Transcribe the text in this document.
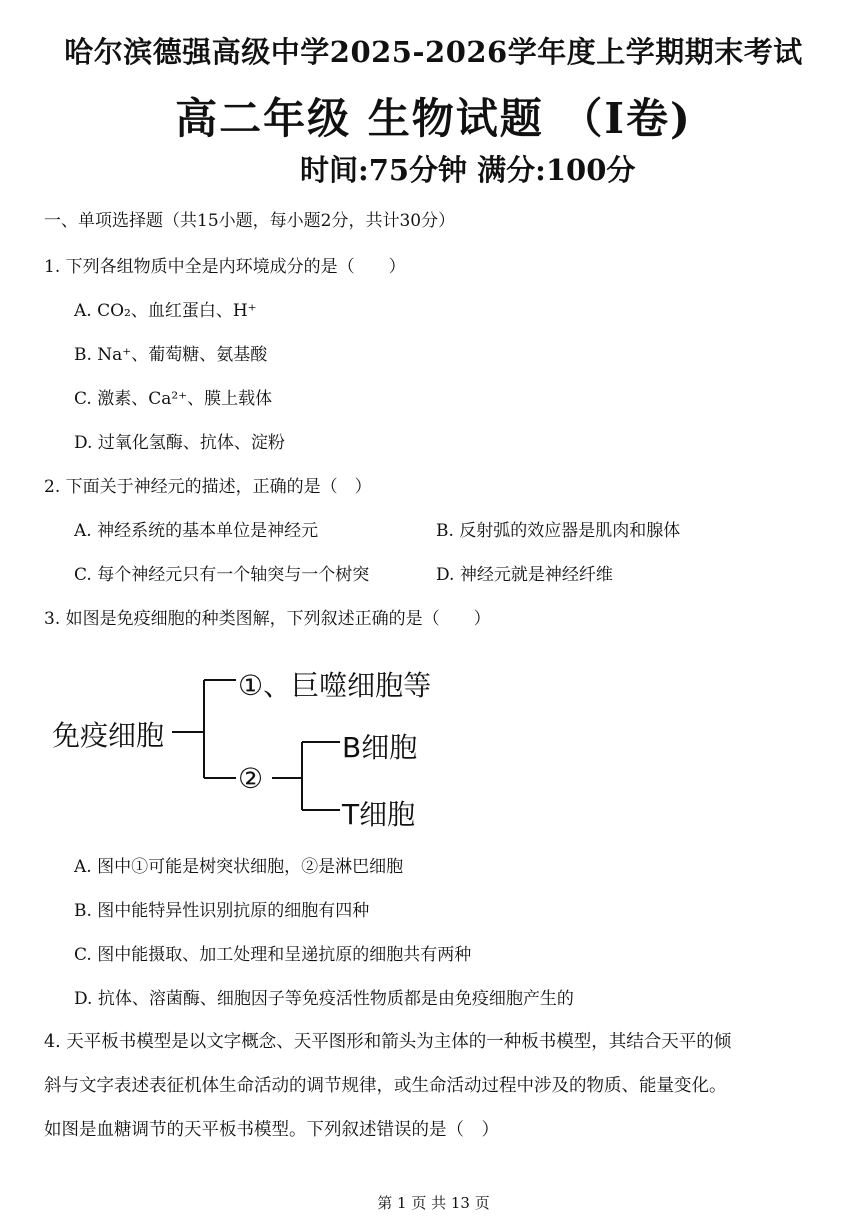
哈尔滨德强高级中学2025-2026学年度上学期期末考试
高二年级 生物试题 （Ⅰ卷)
时间:75分钟 满分:100分
一、单项选择题（共15小题，每小题2分，共计30分）
1. 下列各组物质中全是内环境成分的是（　　）
A. CO₂、血红蛋白、H⁺
B. Na⁺、葡萄糖、氨基酸
C. 激素、Ca²⁺、膜上载体
D. 过氧化氢酶、抗体、淀粉
2. 下面关于神经元的描述，正确的是（　）
A. 神经系统的基本单位是神经元	B. 反射弧的效应器是肌肉和腺体
C. 每个神经元只有一个轴突与一个树突	D. 神经元就是神经纤维
3. 如图是免疫细胞的种类图解，下列叙述正确的是（　　）
免疫细胞
①、巨噬细胞等
②
B细胞
T细胞
A. 图中①可能是树突状细胞，②是淋巴细胞
B. 图中能特异性识别抗原的细胞有四种
C. 图中能摄取、加工处理和呈递抗原的细胞共有两种
D. 抗体、溶菌酶、细胞因子等免疫活性物质都是由免疫细胞产生的
4. 天平板书模型是以文字概念、天平图形和箭头为主体的一种板书模型，其结合天平的倾
斜与文字表述表征机体生命活动的调节规律，或生命活动过程中涉及的物质、能量变化。
如图是血糖调节的天平板书模型。下列叙述错误的是（　）
第 1 页 共 13 页
